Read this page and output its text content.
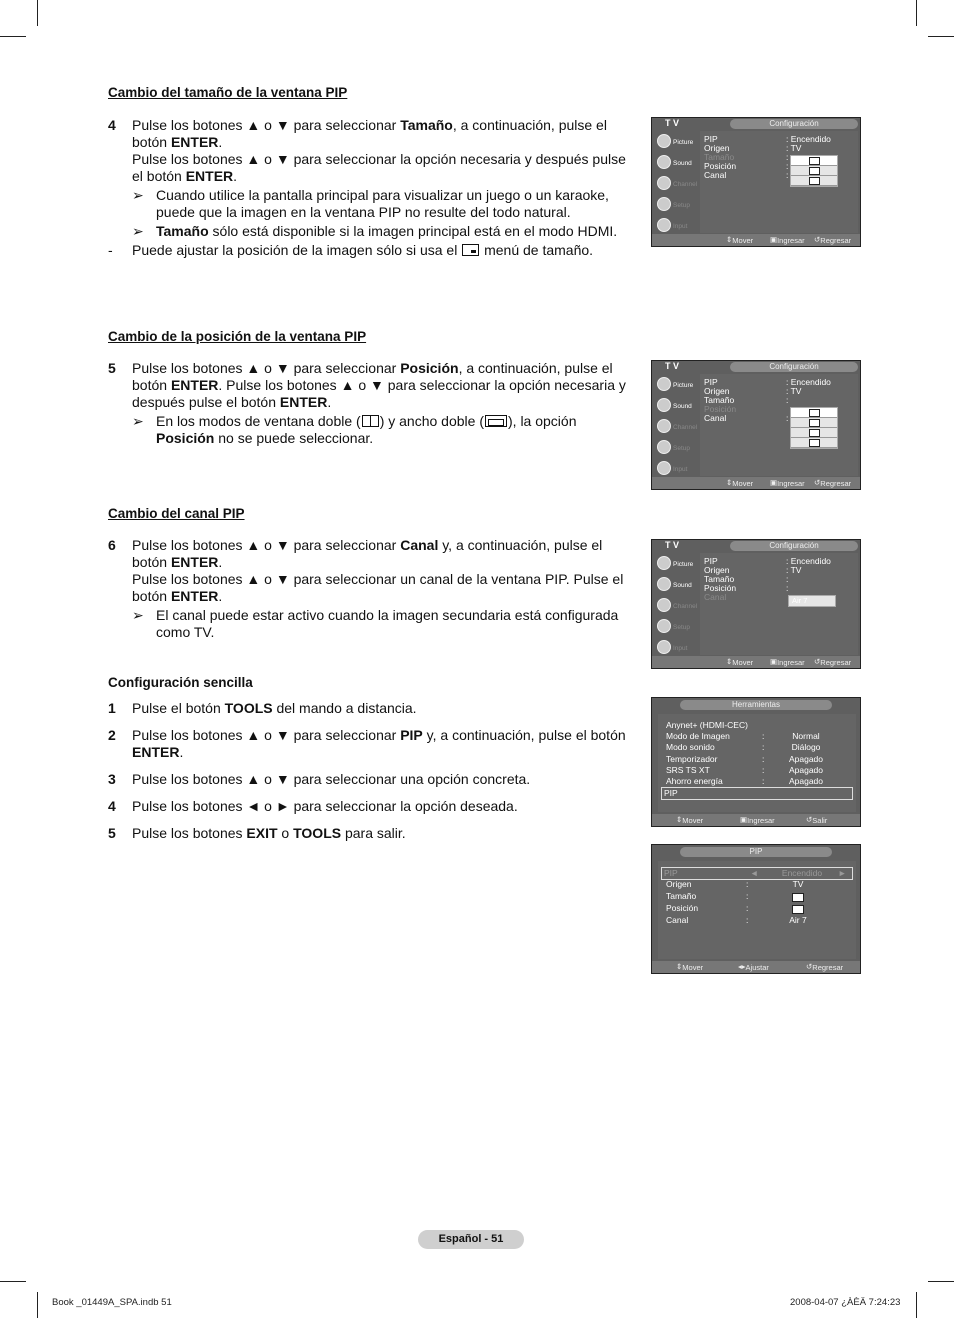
Cambio del tamaño de la ventana PIP
4 Pulse los botones ▲ o ▼ para seleccionar Tamaño, a continuación, pulse el botón ENTER.
Pulse los botones ▲ o ▼ para seleccionar la opción necesaria y después pulse el botón ENTER.
➢ Cuando utilice la pantalla principal para visualizar un juego o un karaoke, puede que la imagen en la ventana PIP no resulte del todo natural.
➢ Tamaño sólo está disponible si la imagen principal está en el modo HDMI.
- Puede ajustar la posición de la imagen sólo si usa el menú de tamaño.
Cambio de la posición de la ventana PIP
5 Pulse los botones ▲ o ▼ para seleccionar Posición, a continuación, pulse el botón ENTER. Pulse los botones ▲ o ▼ para seleccionar la opción necesaria y después pulse el botón ENTER.
➢ En los modos de ventana doble ( ) y ancho doble ( ), la opción Posición no se puede seleccionar.
Cambio del canal PIP
6 Pulse los botones ▲ o ▼ para seleccionar Canal y, a continuación, pulse el botón ENTER.
Pulse los botones ▲ o ▼ para seleccionar un canal de la ventana PIP. Pulse el botón ENTER.
➢ El canal puede estar activo cuando la imagen secundaria está configurada como TV.
Configuración sencilla
1 Pulse el botón TOOLS del mando a distancia.
2 Pulse los botones ▲ o ▼ para seleccionar PIP y, a continuación, pulse el botón ENTER.
3 Pulse los botones ▲ o ▼ para seleccionar una opción concreta.
4 Pulse los botones ◄ o ► para seleccionar la opción deseada.
5 Pulse los botones EXIT o TOOLS para salir.
T V	Configuración
Picture
Sound
Channel
Setup
Input
PIP	: Encendido
Origen	: TV
Tamaño	:
Posición	:
Canal	:
⇕ Mover ▣ Ingresar ↺ Regresar
T V	Configuración
Picture
Sound
Channel
Setup
Input
PIP	: Encendido
Origen	: TV
Tamaño	:
Posición
Canal	:
⇕ Mover ▣ Ingresar ↺ Regresar
T V	Configuración
Picture
Sound
Channel
Setup
Input
PIP	: Encendido
Origen	: TV
Tamaño	:
Posición	:
Canal	Air 7
⇕ Mover ▣ Ingresar ↺ Regresar
Herramientas
Anynet+ (HDMI-CEC)
Modo de Imagen	:	Normal
Modo sonido	:	Diálogo
Temporizador	:	Apagado
SRS TS XT	:	Apagado
Ahorro energía	:	Apagado
PIP
⇕ Mover	▣ Ingresar	↺ Salir
PIP
PIP	◄	Encendido	►
Origen	:	TV
Tamaño	:
Posición	:
Canal	:	Air 7
⇕ Mover	◂▸ Ajustar	↺ Regresar
Español - 51
Book _01449A_SPA.indb 51	2008-04-07 ¿ÀÈÄ 7:24:23
